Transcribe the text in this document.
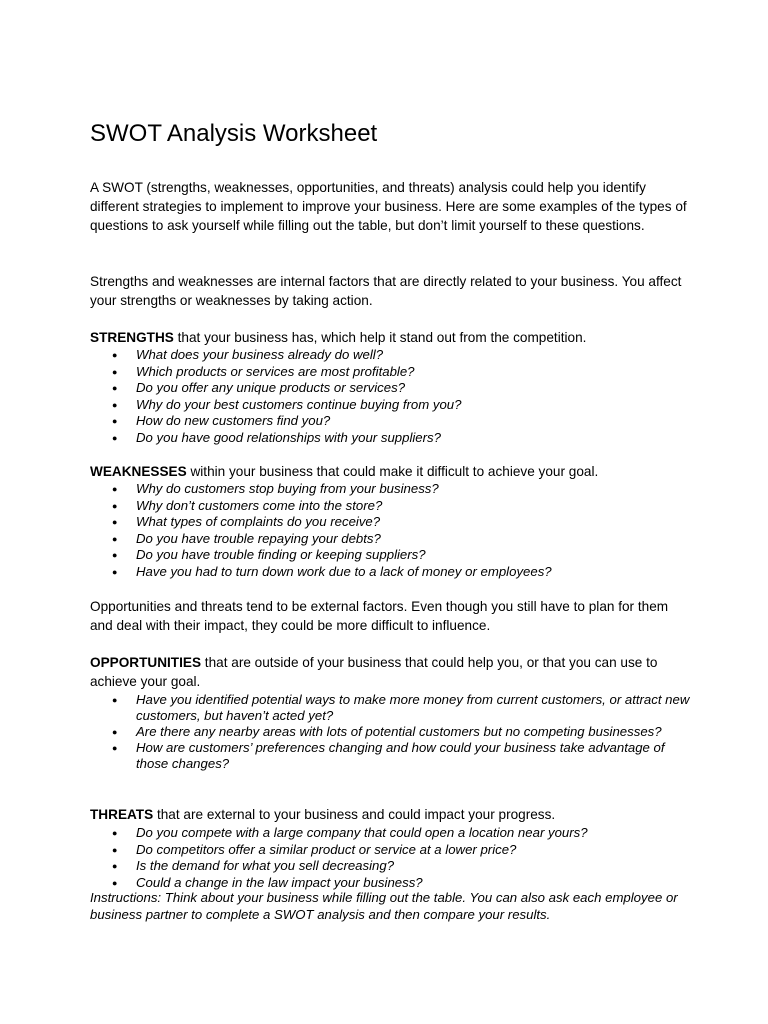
SWOT Analysis Worksheet

A SWOT (strengths, weaknesses, opportunities, and threats) analysis could help you identify different strategies to implement to improve your business. Here are some examples of the types of questions to ask yourself while filling out the table, but don’t limit yourself to these questions.

Strengths and weaknesses are internal factors that are directly related to your business. You affect your strengths or weaknesses by taking action.

STRENGTHS that your business has, which help it stand out from the competition.

● What does your business already do well?
● Which products or services are most profitable?
● Do you offer any unique products or services?
● Why do your best customers continue buying from you?
● How do new customers find you?
● Do you have good relationships with your suppliers?

WEAKNESSES within your business that could make it difficult to achieve your goal.

● Why do customers stop buying from your business?
● Why don’t customers come into the store?
● What types of complaints do you receive?
● Do you have trouble repaying your debts?
● Do you have trouble finding or keeping suppliers?
● Have you had to turn down work due to a lack of money or employees?

Opportunities and threats tend to be external factors. Even though you still have to plan for them and deal with their impact, they could be more difficult to influence.

OPPORTUNITIES that are outside of your business that could help you, or that you can use to achieve your goal.

● Have you identified potential ways to make more money from current customers, or attract new customers, but haven’t acted yet?
● Are there any nearby areas with lots of potential customers but no competing businesses?
● How are customers’ preferences changing and how could your business take advantage of those changes?

THREATS that are external to your business and could impact your progress.

● Do you compete with a large company that could open a location near yours?
● Do competitors offer a similar product or service at a lower price?
● Is the demand for what you sell decreasing?
● Could a change in the law impact your business?

Instructions: Think about your business while filling out the table. You can also ask each employee or business partner to complete a SWOT analysis and then compare your results.
